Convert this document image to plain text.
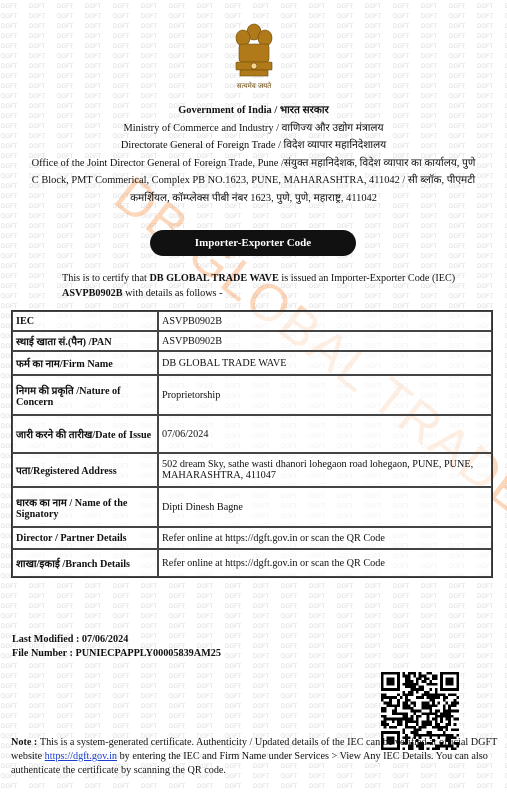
DB
सत्यमेव जयते
Government of India / भारत सरकार
Ministry of Commerce and Industry / वाणिज्य और उद्योग मंत्रालय
Directorate General of Foreign Trade / विदेश व्यापार महानिदेशालय
Office of the Joint Director General of Foreign Trade, Pune /संयुक्त महानिदेशक, विदेश व्यापार का कार्यालय, पुणे
C Block, PMT Commerical, Complex PB NO.1623, PUNE, MAHARASHTRA, 411042 / सी ब्लॉक, पीएमटी
कमर्शियल, कॉम्प्लेक्स पीबी नंबर 1623, पुणे, पुणे, महाराष्ट्र, 411042
Importer-Exporter Code
This is to certify that DB GLOBAL TRADE WAVE is issued an Importer-Exporter Code (IEC) ASVPB0902B with details as follows -
IEC	ASVPB0902B
स्थाई खाता सं.(पैन) /PAN	ASVPB0902B
फर्म का नाम/Firm Name	DB GLOBAL TRADE WAVE
निगम की प्रकृति /Nature of Concern	Proprietorship
जारी करने की तारीख/Date of Issue	07/06/2024
पता/Registered Address	502 dream Sky, sathe wasti dhanori lohegaon road lohegaon, PUNE, PUNE, MAHARASHTRA, 411047
धारक का नाम / Name of the Signatory	Dipti Dinesh Bagne
Director / Partner Details	Refer online at https://dgft.gov.in or scan the QR Code
शाखा/इकाई /Branch Details	Refer online at https://dgft.gov.in or scan the QR Code
Last Modified : 07/06/2024
File Number : PUNIECPAPPLY00005839AM25
Note : This is a system-generated certificate. Authenticity / Updated details of the IEC can be verified at official DGFT website https://dgft.gov.in by entering the IEC and Firm Name under Services > View Any IEC Details. You can also authenticate the certificate by scanning the QR code.
